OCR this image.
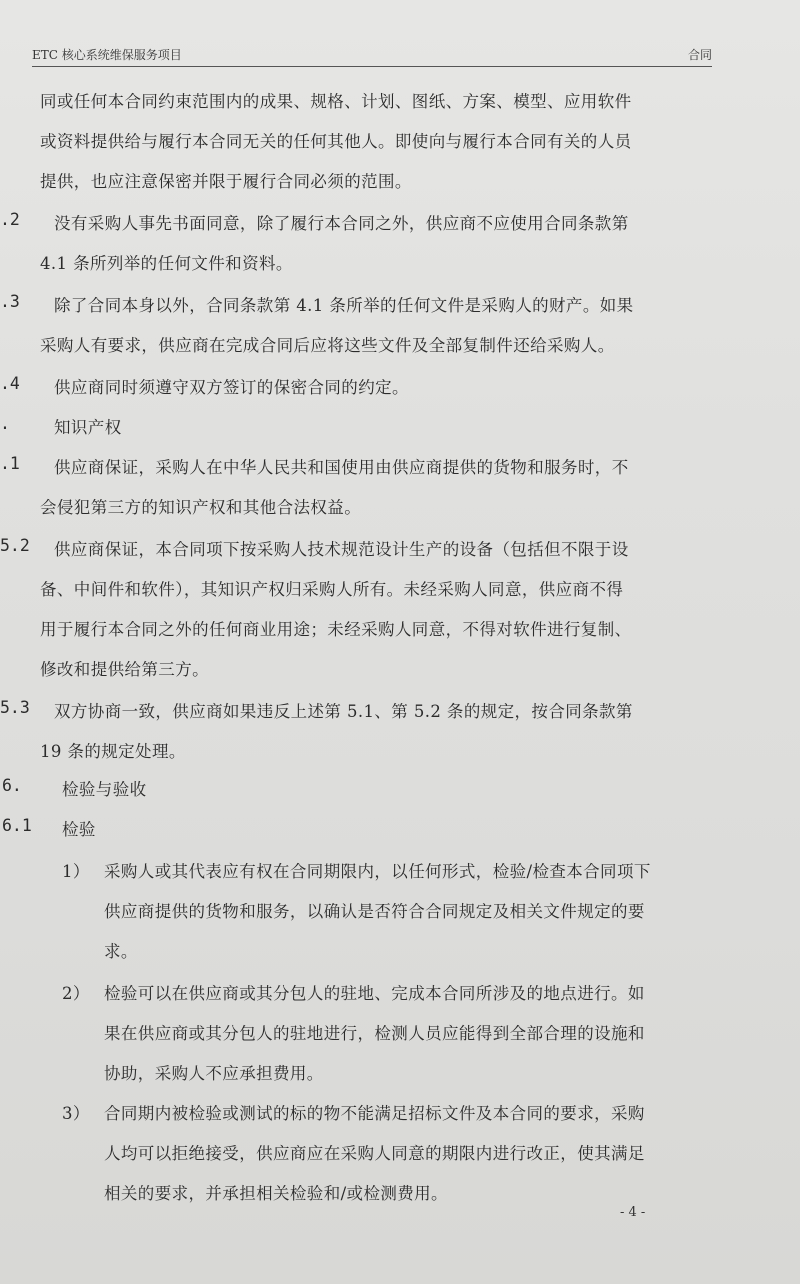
ETC 核心系统维保服务项目	合同
同或任何本合同约束范围内的成果、规格、计划、图纸、方案、模型、应用软件
或资料提供给与履行本合同无关的任何其他人。即使向与履行本合同有关的人员
提供，也应注意保密并限于履行合同必须的范围。
.2 没有采购人事先书面同意，除了履行本合同之外，供应商不应使用合同条款第
4.1 条所列举的任何文件和资料。
.3 除了合同本身以外，合同条款第 4.1 条所举的任何文件是采购人的财产。如果
采购人有要求，供应商在完成合同后应将这些文件及全部复制件还给采购人。
.4 供应商同时须遵守双方签订的保密合同的约定。
.	知识产权
.1 供应商保证，采购人在中华人民共和国使用由供应商提供的货物和服务时，不
会侵犯第三方的知识产权和其他合法权益。
5.2 供应商保证，本合同项下按采购人技术规范设计生产的设备（包括但不限于设
备、中间件和软件），其知识产权归采购人所有。未经采购人同意，供应商不得
用于履行本合同之外的任何商业用途；未经采购人同意，不得对软件进行复制、
修改和提供给第三方。
5.3 双方协商一致，供应商如果违反上述第 5.1、第 5.2 条的规定，按合同条款第
19 条的规定处理。
6. 检验与验收
6.1 检验
1） 采购人或其代表应有权在合同期限内，以任何形式，检验/检查本合同项下
供应商提供的货物和服务，以确认是否符合合同规定及相关文件规定的要
求。
2） 检验可以在供应商或其分包人的驻地、完成本合同所涉及的地点进行。如
果在供应商或其分包人的驻地进行，检测人员应能得到全部合理的设施和
协助，采购人不应承担费用。
3） 合同期内被检验或测试的标的物不能满足招标文件及本合同的要求，采购
人均可以拒绝接受，供应商应在采购人同意的期限内进行改正，使其满足
相关的要求，并承担相关检验和/或检测费用。
- 4 -
